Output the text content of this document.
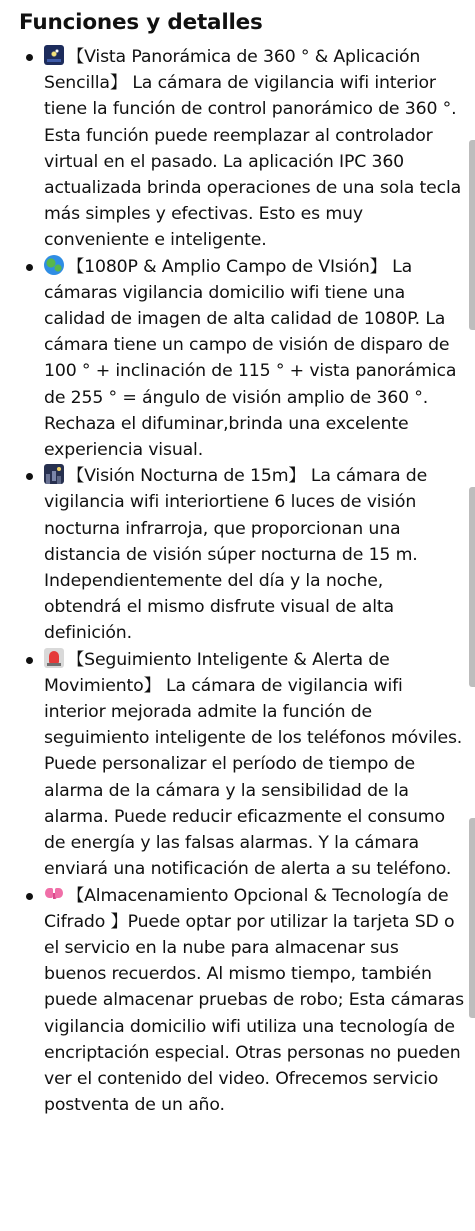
Funciones y detalles
【Vista Panorámica de 360 ° & Aplicación Sencilla】 La cámara de vigilancia wifi interior tiene la función de control panorámico de 360 °. Esta función puede reemplazar al controlador virtual en el pasado. La aplicación IPC 360 actualizada brinda operaciones de una sola tecla más simples y efectivas. Esto es muy conveniente e inteligente.
【1080P & Amplio Campo de VIsión】 La cámaras vigilancia domicilio wifi tiene una calidad de imagen de alta calidad de 1080P. La cámara tiene un campo de visión de disparo de 100 ° + inclinación de 115 ° + vista panorámica de 255 ° = ángulo de visión amplio de 360 °. Rechaza el difuminar,brinda una excelente experiencia visual.
【Visión Nocturna de 15m】 La cámara de vigilancia wifi interiortiene 6 luces de visión nocturna infrarroja, que proporcionan una distancia de visión súper nocturna de 15 m. Independientemente del día y la noche, obtendrá el mismo disfrute visual de alta definición.
【Seguimiento Inteligente & Alerta de Movimiento】 La cámara de vigilancia wifi interior mejorada admite la función de seguimiento inteligente de los teléfonos móviles. Puede personalizar el período de tiempo de alarma de la cámara y la sensibilidad de la alarma. Puede reducir eficazmente el consumo de energía y las falsas alarmas. Y la cámara enviará una notificación de alerta a su teléfono.
【Almacenamiento Opcional & Tecnología de Cifrado 】Puede optar por utilizar la tarjeta SD o el servicio en la nube para almacenar sus buenos recuerdos. Al mismo tiempo, también puede almacenar pruebas de robo; Esta cámaras vigilancia domicilio wifi utiliza una tecnología de encriptación especial. Otras personas no pueden ver el contenido del video. Ofrecemos servicio postventa de un año.
